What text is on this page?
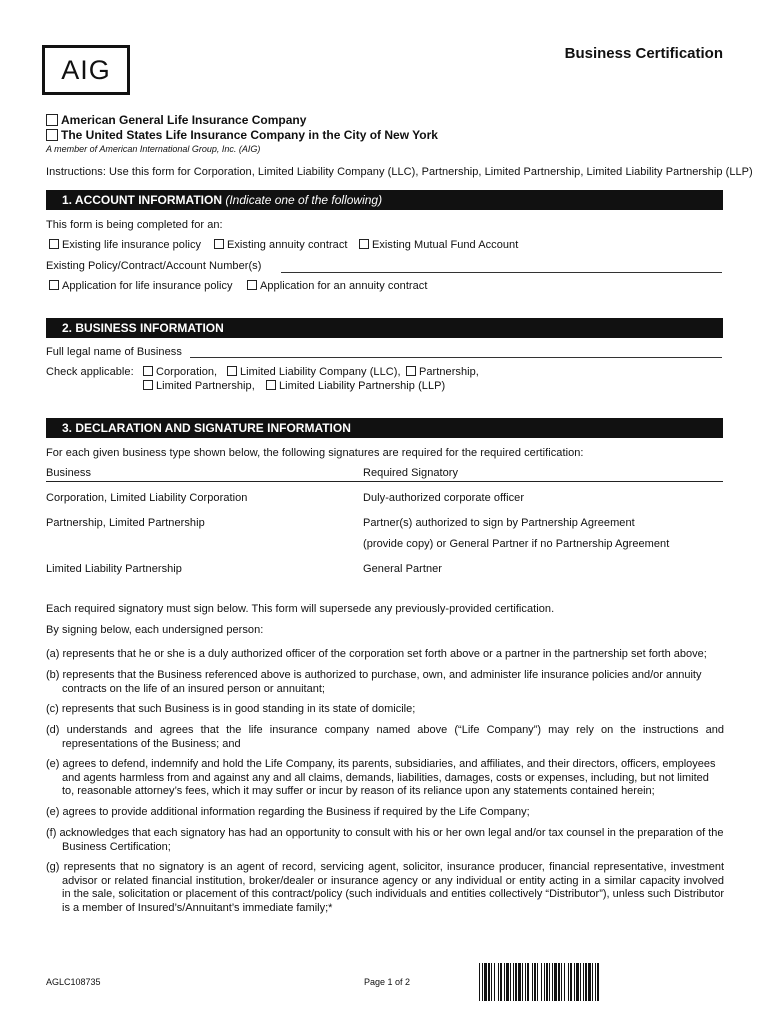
AIG
Business Certification
American General Life Insurance Company
The United States Life Insurance Company in the City of New York
A member of American International Group, Inc. (AIG)
Instructions: Use this form for Corporation, Limited Liability Company (LLC), Partnership, Limited Partnership, Limited Liability Partnership (LLP)
1. ACCOUNT INFORMATION (Indicate one of the following)
This form is being completed for an:
Existing life insurance policy	Existing annuity contract	Existing Mutual Fund Account
Existing Policy/Contract/Account Number(s)
Application for life insurance policy	Application for an annuity contract
2. BUSINESS INFORMATION
Full legal name of Business
Check applicable:	Corporation,	Limited Liability Company (LLC),	Partnership,
Limited Partnership,	Limited Liability Partnership (LLP)
3. DECLARATION AND SIGNATURE INFORMATION
For each given business type shown below, the following signatures are required for the required certification:
Business	Required Signatory
Corporation, Limited Liability Corporation	Duly-authorized corporate officer
Partnership, Limited Partnership	Partner(s) authorized to sign by Partnership Agreement
(provide copy) or General Partner if no Partnership Agreement
Limited Liability Partnership	General Partner
Each required signatory must sign below. This form will supersede any previously-provided certification.
By signing below, each undersigned person:
(a) represents that he or she is a duly authorized officer of the corporation set forth above or a partner in the partnership set forth above;
(b) represents that the Business referenced above is authorized to purchase, own, and administer life insurance policies and/or annuity contracts on the life of an insured person or annuitant;
(c) represents that such Business is in good standing in its state of domicile;
(d) understands and agrees that the life insurance company named above (“Life Company”) may rely on the instructions and representations of the Business; and
(e) agrees to defend, indemnify and hold the Life Company, its parents, subsidiaries, and affiliates, and their directors, officers, employees and agents harmless from and against any and all claims, demands, liabilities, damages, costs or expenses, including, but not limited to, reasonable attorney’s fees, which it may suffer or incur by reason of its reliance upon any statements contained herein;
(e) agrees to provide additional information regarding the Business if required by the Life Company;
(f) acknowledges that each signatory has had an opportunity to consult with his or her own legal and/or tax counsel in the preparation of the Business Certification;
(g) represents that no signatory is an agent of record, servicing agent, solicitor, insurance producer, financial representative, investment advisor or related financial institution, broker/dealer or insurance agency or any individual or entity acting in a similar capacity involved in the sale, solicitation or placement of this contract/policy (such individuals and entities collectively “Distributor”), unless such Distributor is a member of Insured’s/Annuitant’s immediate family;*
AGLC108735	Page 1 of 2
